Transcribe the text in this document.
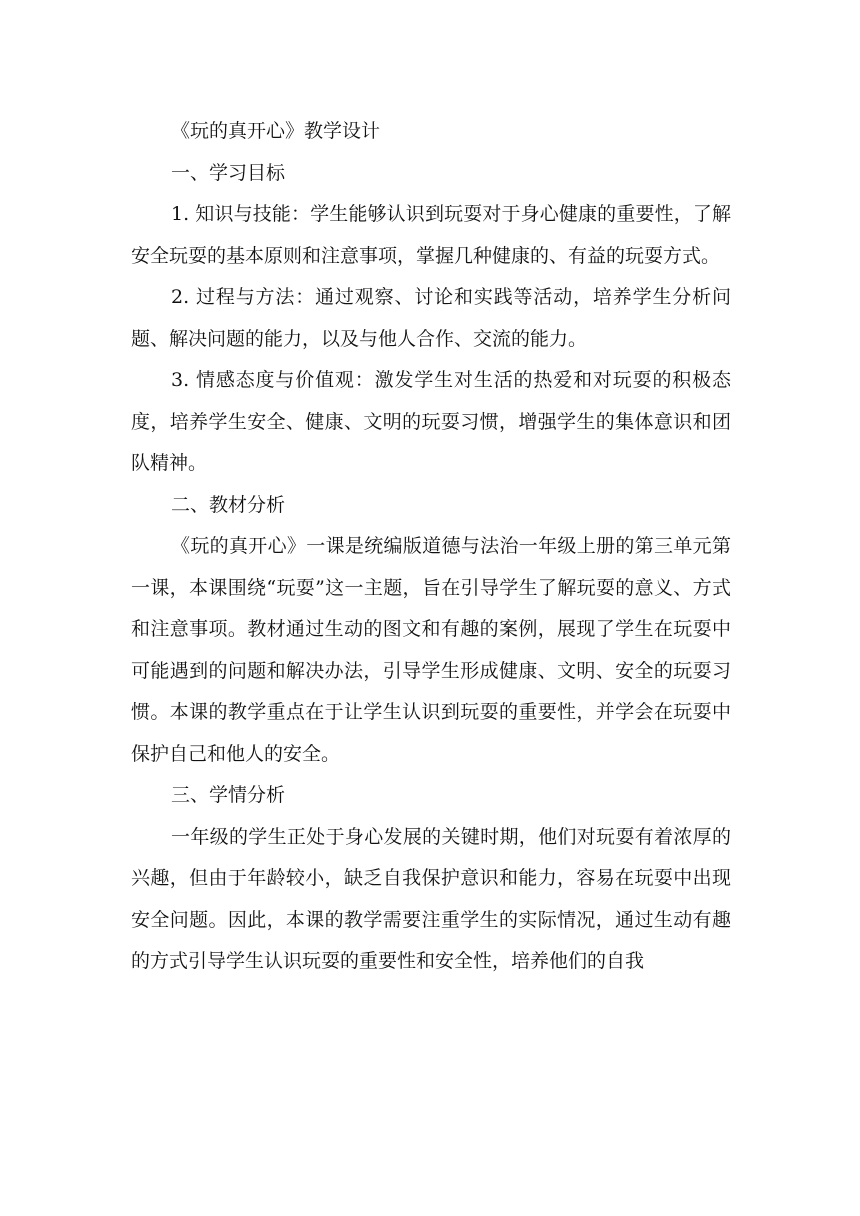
《玩的真开心》教学设计

一、学习目标

1. 知识与技能：学生能够认识到玩耍对于身心健康的重要性，了解安全玩耍的基本原则和注意事项，掌握几种健康的、有益的玩耍方式。

2. 过程与方法：通过观察、讨论和实践等活动，培养学生分析问题、解决问题的能力，以及与他人合作、交流的能力。

3. 情感态度与价值观：激发学生对生活的热爱和对玩耍的积极态度，培养学生安全、健康、文明的玩耍习惯，增强学生的集体意识和团队精神。

二、教材分析

《玩的真开心》一课是统编版道德与法治一年级上册的第三单元第一课，本课围绕“玩耍”这一主题，旨在引导学生了解玩耍的意义、方式和注意事项。教材通过生动的图文和有趣的案例，展现了学生在玩耍中可能遇到的问题和解决办法，引导学生形成健康、文明、安全的玩耍习惯。本课的教学重点在于让学生认识到玩耍的重要性，并学会在玩耍中保护自己和他人的安全。

三、学情分析

一年级的学生正处于身心发展的关键时期，他们对玩耍有着浓厚的兴趣，但由于年龄较小，缺乏自我保护意识和能力，容易在玩耍中出现安全问题。因此，本课的教学需要注重学生的实际情况，通过生动有趣的方式引导学生认识玩耍的重要性和安全性，培养他们的自我
